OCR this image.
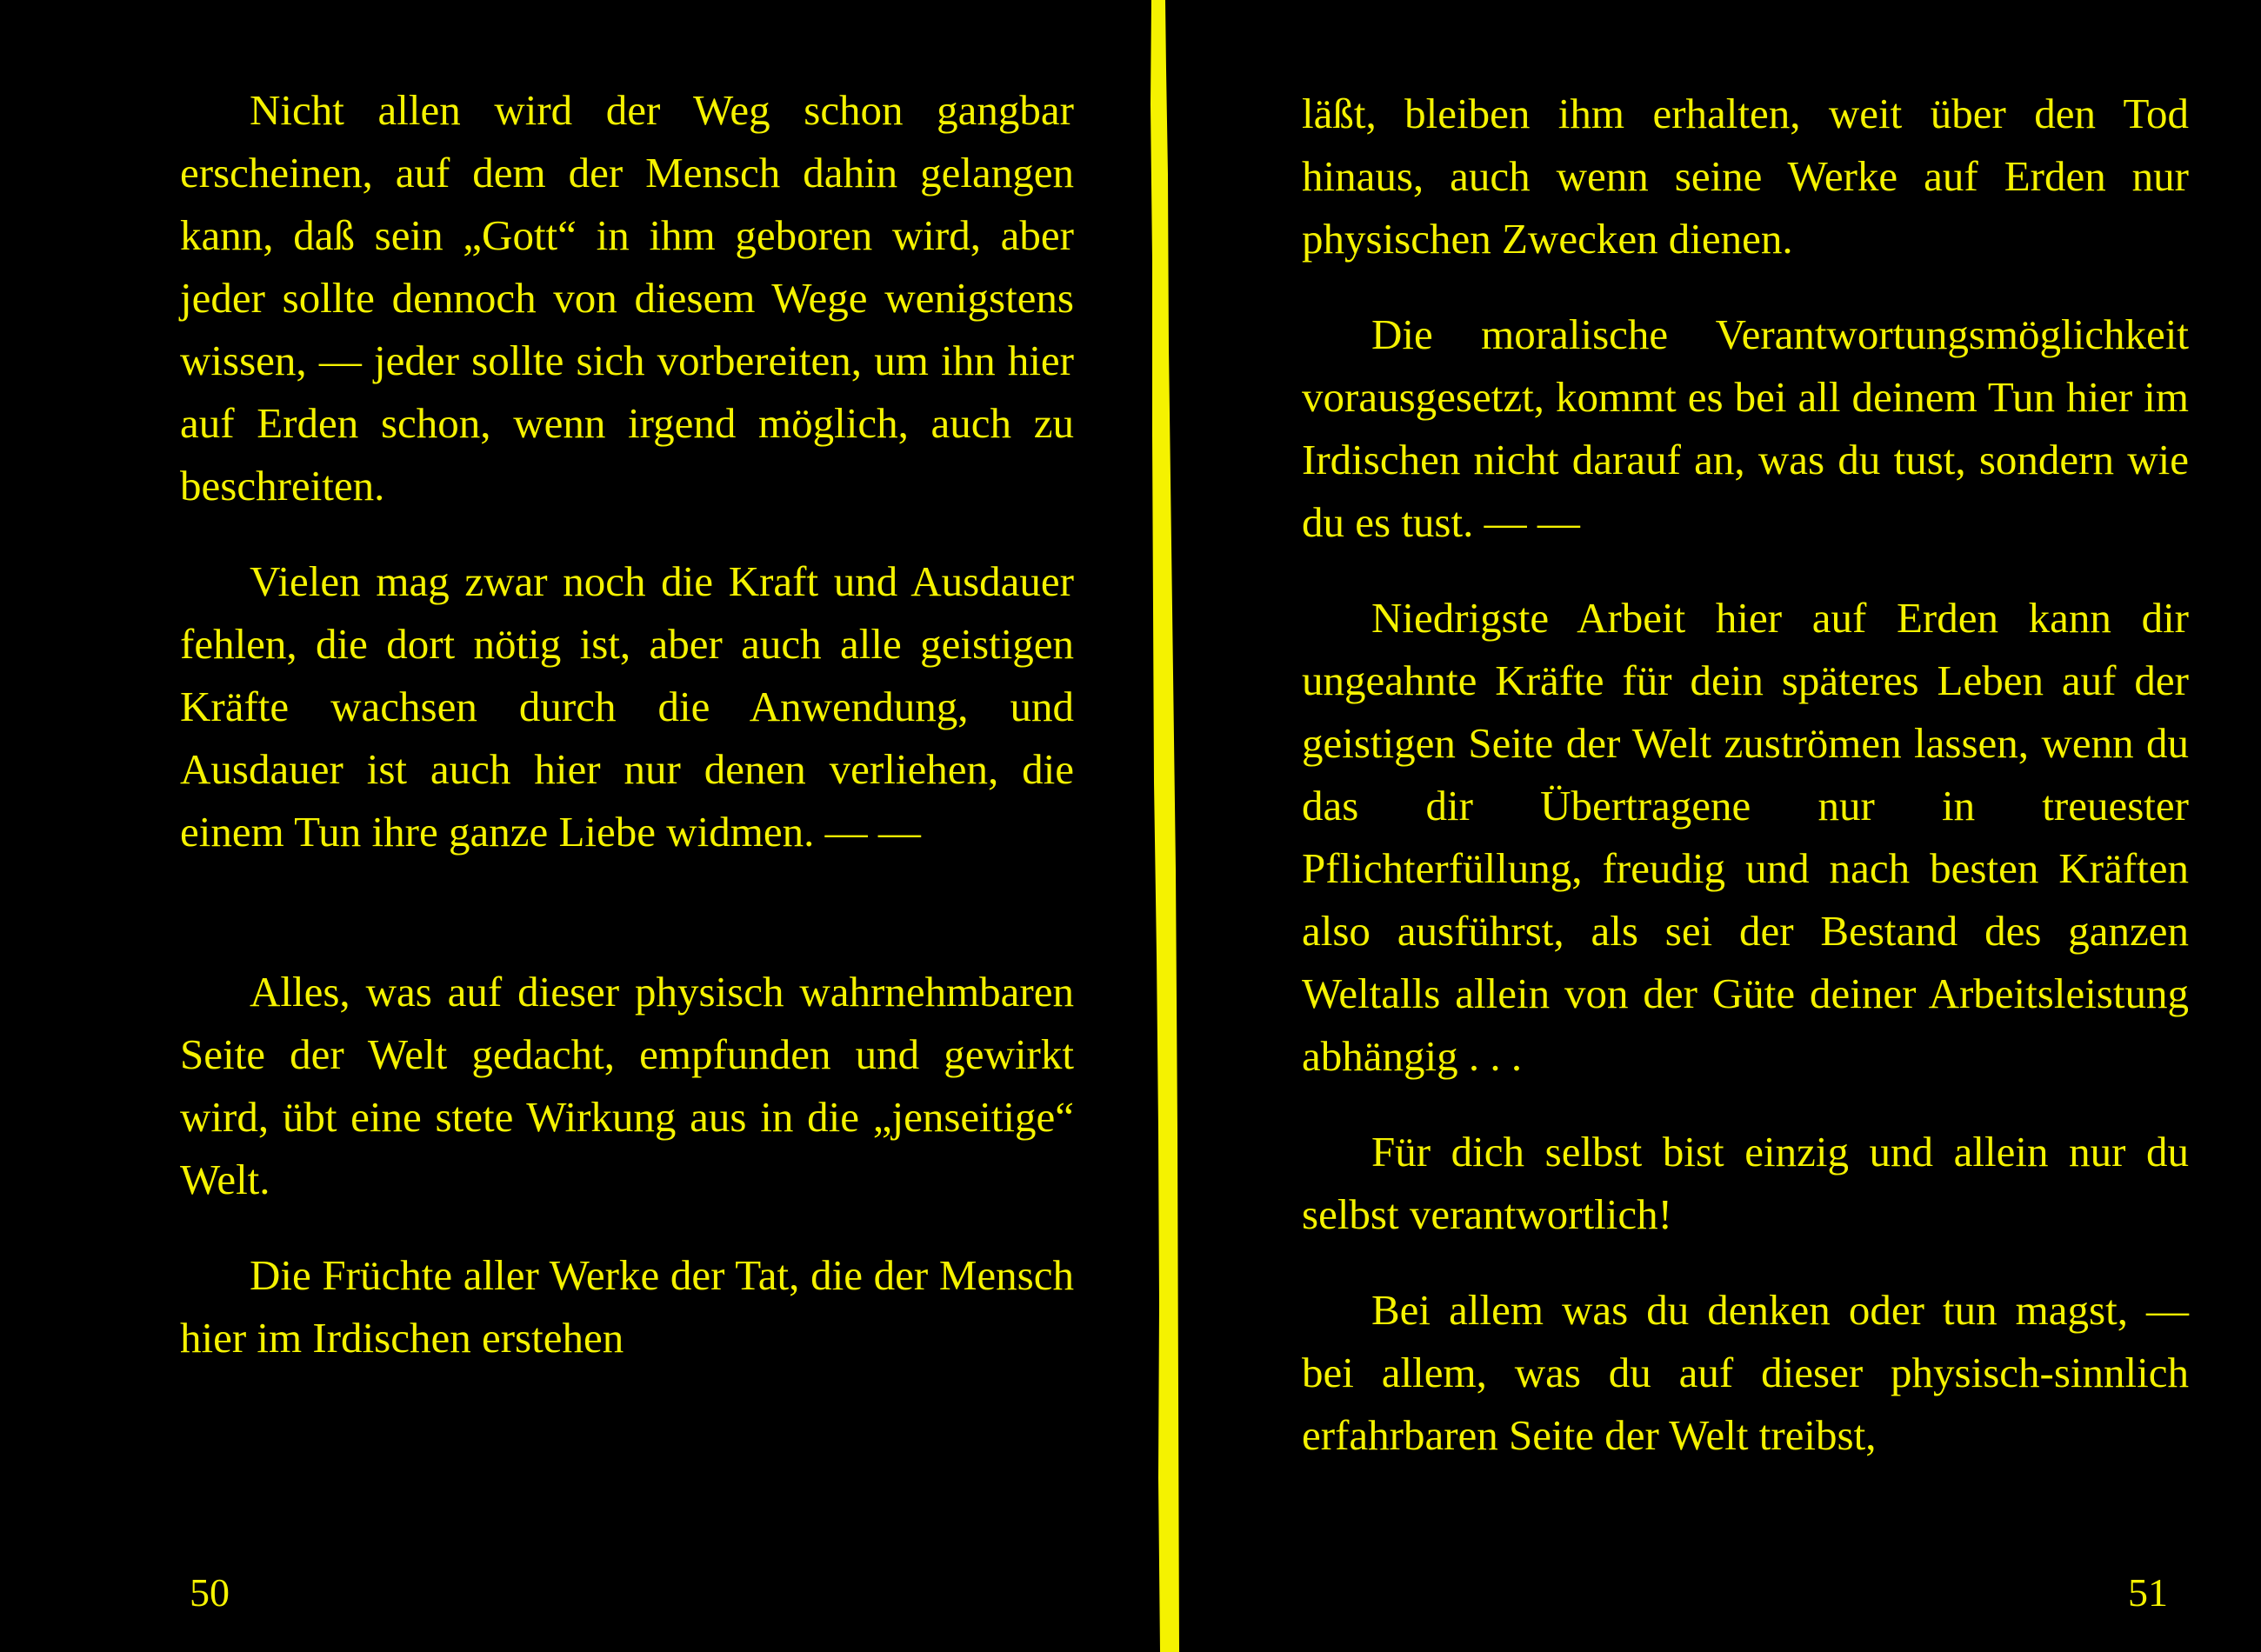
Nicht allen wird der Weg schon gangbar erscheinen, auf dem der Mensch dahin gelangen kann, daß sein „Gott“ in ihm geboren wird, aber jeder sollte dennoch von diesem Wege wenigstens wissen, — jeder sollte sich vorbereiten, um ihn hier auf Erden schon, wenn irgend möglich, auch zu beschreiten.

Vielen mag zwar noch die Kraft und Ausdauer fehlen, die dort nötig ist, aber auch alle geistigen Kräfte wachsen durch die Anwendung, und Ausdauer ist auch hier nur denen verliehen, die einem Tun ihre ganze Liebe widmen. — —

Alles, was auf dieser physisch wahrnehmbaren Seite der Welt gedacht, empfunden und gewirkt wird, übt eine stete Wirkung aus in die „jenseitige“ Welt.

Die Früchte aller Werke der Tat, die der Mensch hier im Irdischen erstehen

50

läßt, bleiben ihm erhalten, weit über den Tod hinaus, auch wenn seine Werke auf Erden nur physischen Zwecken dienen.

Die moralische Verantwortungsmöglichkeit vorausgesetzt, kommt es bei all deinem Tun hier im Irdischen nicht darauf an, was du tust, sondern wie du es tust. — —

Niedrigste Arbeit hier auf Erden kann dir ungeahnte Kräfte für dein späteres Leben auf der geistigen Seite der Welt zuströmen lassen, wenn du das dir Übertragene nur in treuester Pflichterfüllung, freudig und nach besten Kräften also ausführst, als sei der Bestand des ganzen Weltalls allein von der Güte deiner Arbeitsleistung abhängig . . .

Für dich selbst bist einzig und allein nur du selbst verantwortlich!

Bei allem was du denken oder tun magst, — bei allem, was du auf dieser physisch-sinnlich erfahrbaren Seite der Welt treibst,

51
